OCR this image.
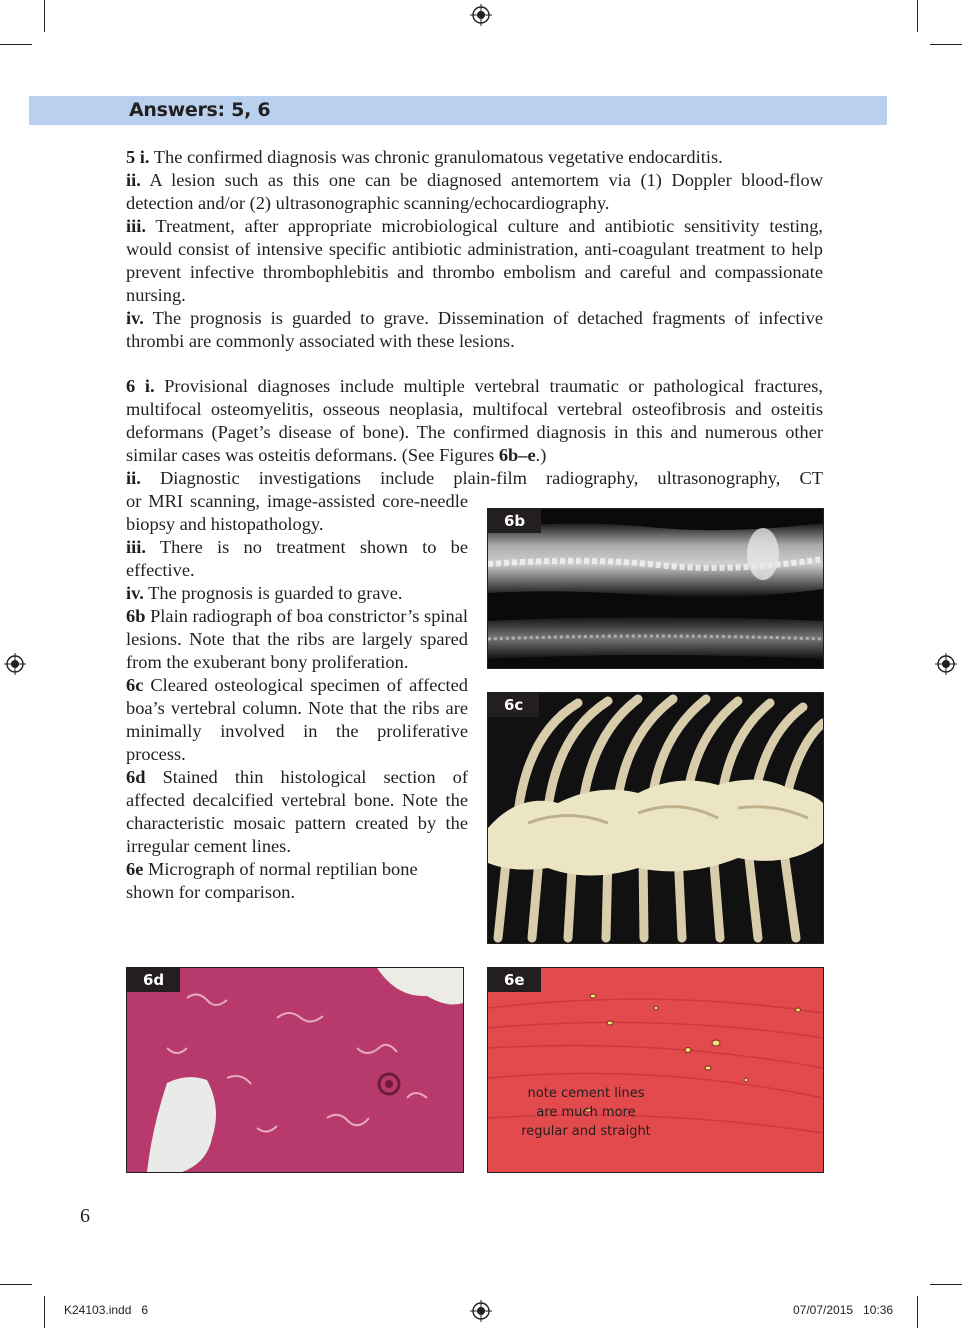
Answers: 5, 6

5 i. The confirmed diagnosis was chronic granulomatous vegetative endocarditis.

ii. A lesion such as this one can be diagnosed antemortem via (1) Doppler blood-flow detection and/or (2) ultrasonographic scanning/echocardiography.

iii. Treatment, after appropriate microbiological culture and antibiotic sensitivity testing, would consist of intensive specific antibiotic administration, anti-coagulant treatment to help prevent infective thrombophlebitis and thrombo embolism and careful and compassionate nursing.

iv. The prognosis is guarded to grave. Dissemination of detached fragments of infective thrombi are commonly associated with these lesions.

6 i. Provisional diagnoses include multiple vertebral traumatic or pathological fractures, multifocal osteomyelitis, osseous neoplasia, multifocal vertebral osteofibrosis and osteitis deformans (Paget’s disease of bone). The confirmed diagnosis in this and numerous other similar cases was osteitis deformans. (See Figures 6b–e.)

ii. Diagnostic investigations include plain-film radiography, ultrasonography, CT

or MRI scanning, image-assisted core-needle biopsy and histopathology.

iii. There is no treatment shown to be effective.

iv. The prognosis is guarded to grave.

6b Plain radiograph of boa constrictor’s spinal lesions. Note that the ribs are largely spared from the exuberant bony proliferation.

6c Cleared osteological specimen of affected boa’s vertebral column. Note that the ribs are minimally involved in the proliferative process.

6d Stained thin histological section of affected decalcified vertebral bone. Note the characteristic mosaic pattern created by the irregular cement lines.

6e Micrograph of normal reptilian bone shown for comparison.

6b
6c
6d	6e
note cement lines are much more regular and straight
6
K24103.indd   6	07/07/2015   10:36
